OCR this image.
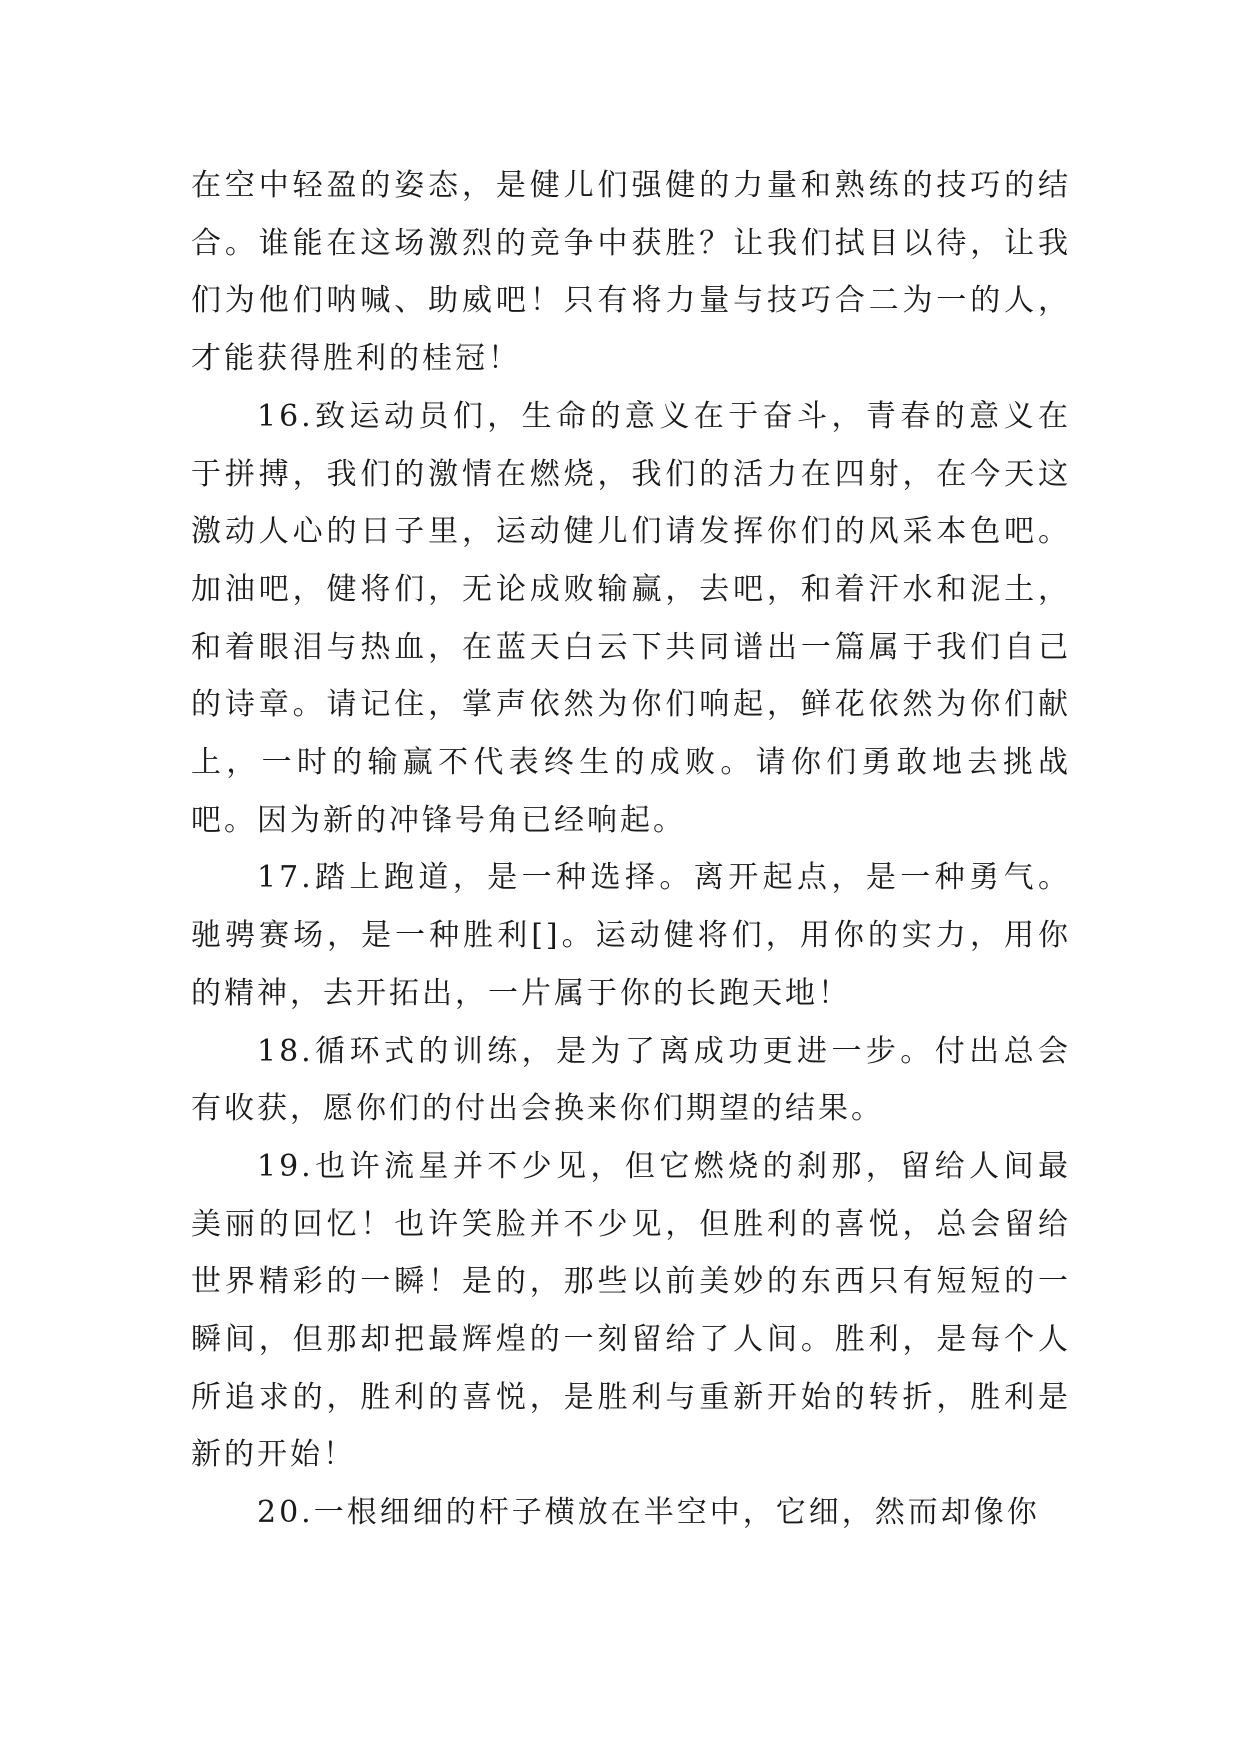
在空中轻盈的姿态，是健儿们强健的力量和熟练的技巧的结合。谁能在这场激烈的竞争中获胜？让我们拭目以待，让我们为他们呐喊、助威吧！只有将力量与技巧合二为一的人，才能获得胜利的桂冠！

16.致运动员们，生命的意义在于奋斗，青春的意义在于拼搏，我们的激情在燃烧，我们的活力在四射，在今天这激动人心的日子里，运动健儿们请发挥你们的风采本色吧。加油吧，健将们，无论成败输赢，去吧，和着汗水和泥土，和着眼泪与热血，在蓝天白云下共同谱出一篇属于我们自己的诗章。请记住，掌声依然为你们响起，鲜花依然为你们献上，一时的输赢不代表终生的成败。请你们勇敢地去挑战吧。因为新的冲锋号角已经响起。

17.踏上跑道，是一种选择。离开起点，是一种勇气。驰骋赛场，是一种胜利[]。运动健将们，用你的实力，用你的精神，去开拓出，一片属于你的长跑天地！

18.循环式的训练，是为了离成功更进一步。付出总会有收获，愿你们的付出会换来你们期望的结果。

19.也许流星并不少见，但它燃烧的刹那，留给人间最美丽的回忆！也许笑脸并不少见，但胜利的喜悦，总会留给世界精彩的一瞬！是的，那些以前美妙的东西只有短短的一瞬间，但那却把最辉煌的一刻留给了人间。胜利，是每个人所追求的，胜利的喜悦，是胜利与重新开始的转折，胜利是新的开始！

20.一根细细的杆子横放在半空中，它细，然而却像你
